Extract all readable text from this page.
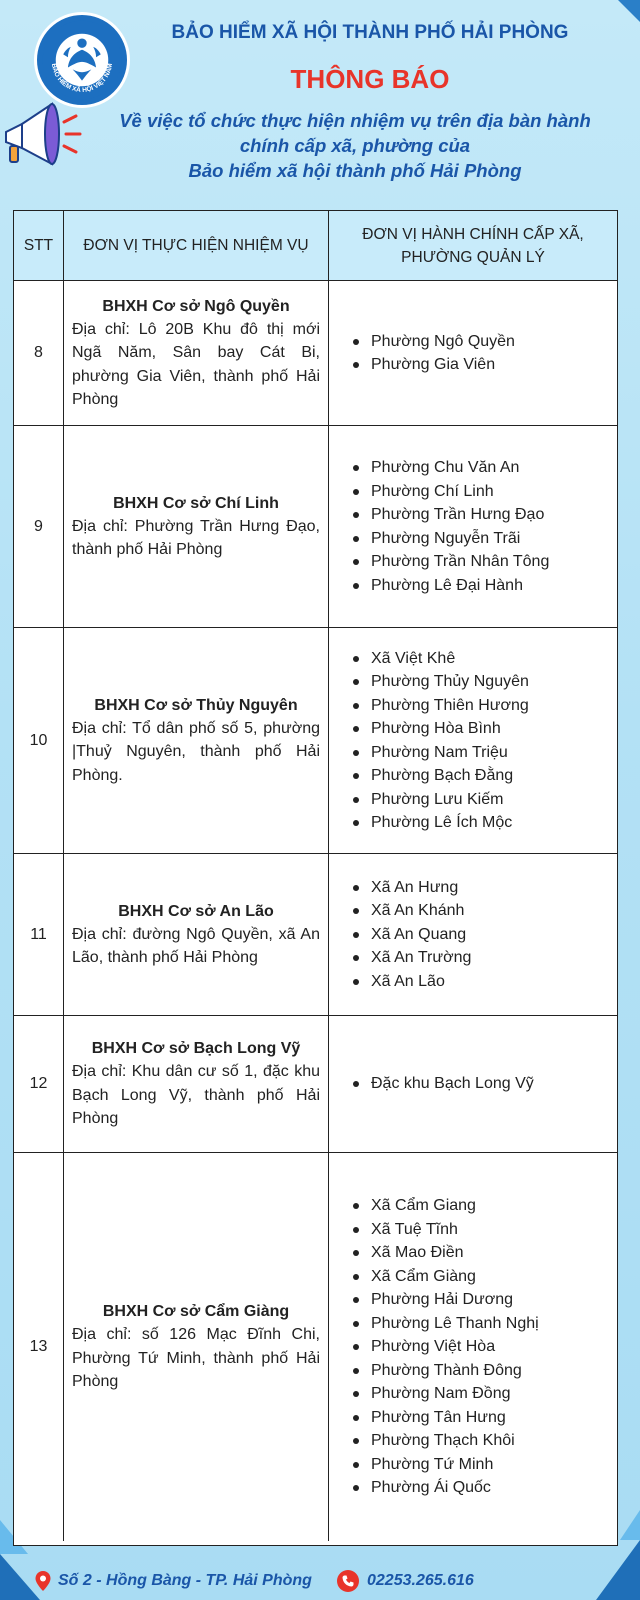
BẢO HIỂM XÃ HỘI VIỆT NAM
BẢO HIỂM XÃ HỘI THÀNH PHỐ HẢI PHÒNG
THÔNG BÁO
Về việc tổ chức thực hiện nhiệm vụ trên địa bàn hành
chính cấp xã, phường của
Bảo hiểm xã hội thành phố Hải Phòng
STT	ĐƠN VỊ THỰC HIỆN NHIỆM VỤ
ĐƠN VỊ HÀNH CHÍNH CẤP XÃ, PHƯỜNG QUẢN LÝ
8
BHXH Cơ sở Ngô Quyền
Địa chỉ: Lô 20B Khu đô thị mới Ngã Năm, Sân bay Cát Bi, phường Gia Viên, thành phố Hải Phòng
Phường Ngô Quyền
Phường Gia Viên
9
BHXH Cơ sở Chí Linh
Địa chỉ: Phường Trần Hưng Đạo, thành phố Hải Phòng
Phường Chu Văn An
Phường Chí Linh
Phường Trần Hưng Đạo
Phường Nguyễn Trãi
Phường Trần Nhân Tông
Phường Lê Đại Hành
10
BHXH Cơ sở Thủy Nguyên
Địa chỉ: Tổ dân phố số 5, phường |Thuỷ Nguyên, thành phố Hải Phòng.
Xã Việt Khê
Phường Thủy Nguyên
Phường Thiên Hương
Phường Hòa Bình
Phường Nam Triệu
Phường Bạch Đằng
Phường Lưu Kiếm
Phường Lê Ích Mộc
11
BHXH Cơ sở An Lão
Địa chỉ: đường Ngô Quyền, xã An Lão, thành phố Hải Phòng
Xã An Hưng
Xã An Khánh
Xã An Quang
Xã An Trường
Xã An Lão
12
BHXH Cơ sở Bạch Long Vỹ
Địa chỉ: Khu dân cư số 1, đặc khu Bạch Long Vỹ, thành phố Hải Phòng
Đặc khu Bạch Long Vỹ
13
BHXH Cơ sở Cẩm Giàng
Địa chỉ: số 126 Mạc Đĩnh Chi, Phường Tứ Minh, thành phố Hải Phòng
Xã Cẩm Giang
Xã Tuệ Tĩnh
Xã Mao Điền
Xã Cẩm Giàng
Phường Hải Dương
Phường Lê Thanh Nghị
Phường Việt Hòa
Phường Thành Đông
Phường Nam Đồng
Phường Tân Hưng
Phường Thạch Khôi
Phường Tứ Minh
Phường Ái Quốc
Số 2 - Hồng Bàng - TP. Hải Phòng	02253.265.616
